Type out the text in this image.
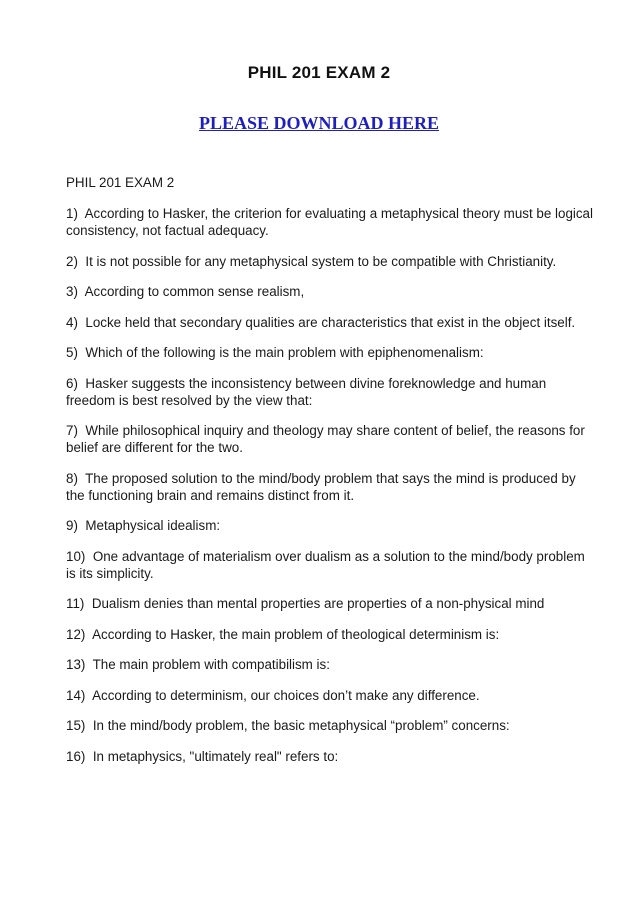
PHIL 201 EXAM 2
PLEASE DOWNLOAD HERE
PHIL 201 EXAM 2
1) According to Hasker, the criterion for evaluating a metaphysical theory must be logical consistency, not factual adequacy.
2) It is not possible for any metaphysical system to be compatible with Christianity.
3) According to common sense realism,
4) Locke held that secondary qualities are characteristics that exist in the object itself.
5) Which of the following is the main problem with epiphenomenalism:
6) Hasker suggests the inconsistency between divine foreknowledge and human freedom is best resolved by the view that:
7) While philosophical inquiry and theology may share content of belief, the reasons for belief are different for the two.
8) The proposed solution to the mind/body problem that says the mind is produced by the functioning brain and remains distinct from it.
9) Metaphysical idealism:
10) One advantage of materialism over dualism as a solution to the mind/body problem is its simplicity.
11) Dualism denies than mental properties are properties of a non-physical mind
12) According to Hasker, the main problem of theological determinism is:
13) The main problem with compatibilism is:
14) According to determinism, our choices don’t make any difference.
15) In the mind/body problem, the basic metaphysical “problem” concerns:
16) In metaphysics, "ultimately real" refers to:
